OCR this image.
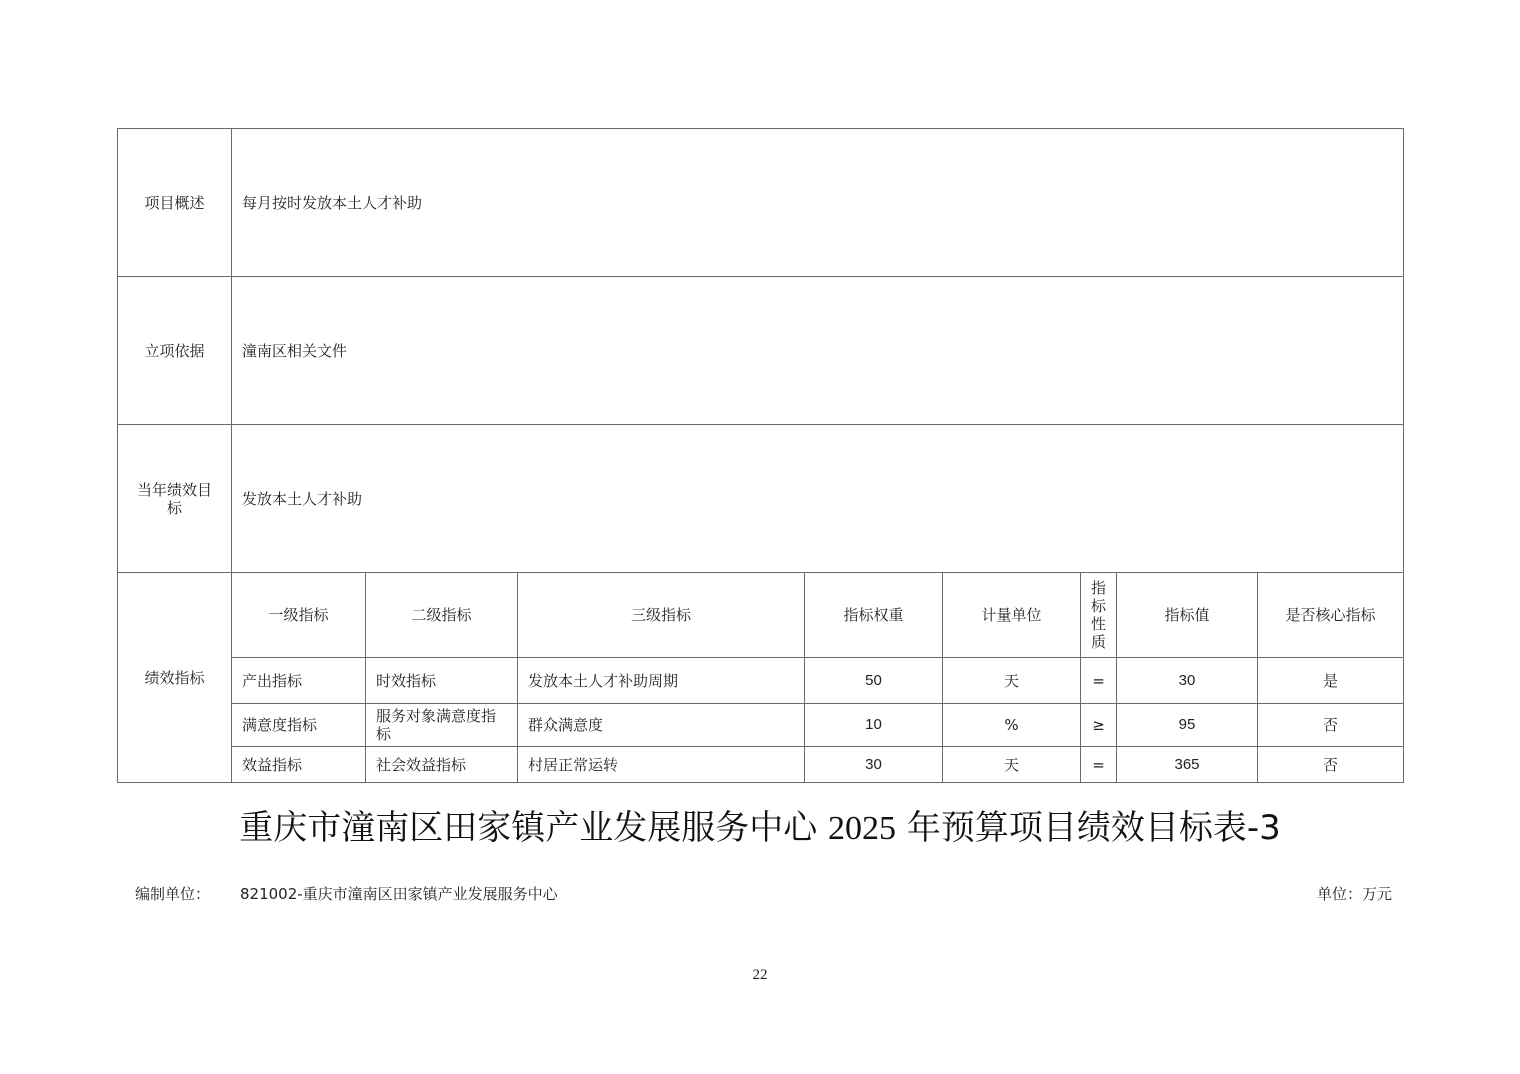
项目概述	每月按时发放本土人才补助							
立项依据	潼南区相关文件							

当年绩效目
标	发放本土人才补助							
绩效指标	一级指标	二级指标	三级指标	指标权重	计量单位	指
标
性
质	指标值	是否核心指标
	产出指标	时效指标	发放本土人才补助周期	50	天	=	30	是
	满意度指标	服务对象满意度指
标	群众满意度	10	%	≥	95	否
	效益指标	社会效益指标	村居正常运转	30	天	=	365	否
重庆市潼南区田家镇产业发展服务中心 2025 年预算项目绩效目标表-3
编制单位： 821002-重庆市潼南区田家镇产业发展服务中心	单位：万元
22
